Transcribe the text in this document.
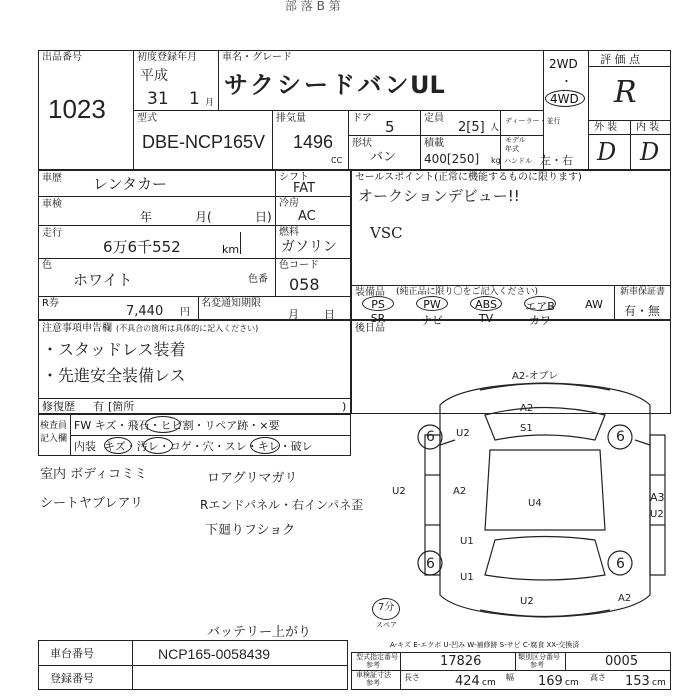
部 落 B 第
出品番号
1023
初度登録年月
平成
31 1 月
車名・グレード
サクシードバン
UL
2WD
・
4WD
評 価 点
R
外 装 内 装
D D
型式
DBE-NCP165V
排気量
1496
CC
ドア 5	定員
2[5] 人
ディーラー・並行
形状
バン
積載
400[250] kg
モデル
年式
ハンドル 左・右
車歴 レンタカー	シフト
FAT
車検
年	月(	日)
冷房
AC
走行
6万6千552	km
燃料
ガソリン
色
ホワイト	色番
色コード
058
R券
7,440 円
名変通知期限
月 日
セールスポイント(正常に機能するものに限ります)
オークションデビュー!!
VSC
装備品 (純正品に限り〇をご記入ください)	新車保証書
有・無
PS
SR
PW
ナビ
ABS
TV
エアB
カワ
AW
後日品
注意事項申告欄 (不具合の箇所は具体的に記入ください)
・スタッドレス装着
・先進安全装備レス
修復歴 有 [箇所	)
検査員
記入欄
FW キズ・飛石・ヒビ割・リペア跡・×要
内装 キズ・汚レ・コゲ・穴・スレ・キレ・破レ
室内 ボディコミミ
シートヤブレアリ
ロアグリマガリ
Rエンドパネル・右インパネ歪
下廻りフショク
バッテリー上がり
A2-オブレ
A2
S1
U2
U2	A2
U4
U1
U1
U2	A2
A3
U2
6	6
6	6
7分
スペア
A-キズ E-エクボ U-凹み W-補修跡 S-サビ C-腐食 XX-交換済
車台番号	NCP165-0058439
登録番号
型式指定番号
参考	17826	類別区分番号
参考	0005
車検証寸法
参考
長さ	424 cm
幅 169 cm
高さ 153 cm
